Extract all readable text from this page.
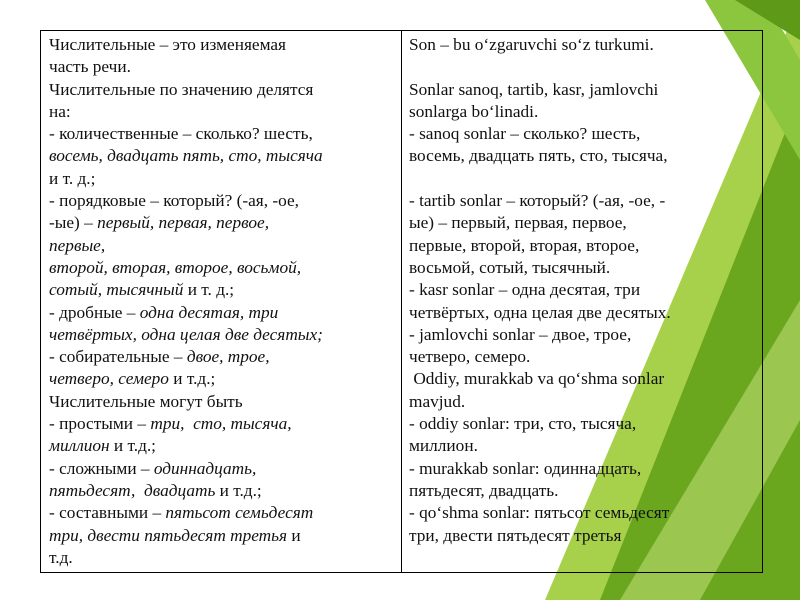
Числительные – это изменяемая
часть речи.
Числительные по значению делятся
на:
- количественные – сколько? шесть,
восемь, двадцать пять, сто, тысяча
и т. д.;
- порядковые – который? (-ая, -ое,
-ые) – первый, первая, первое,
первые,
второй, вторая, второе, восьмой,
сотый, тысячный и т. д.;
- дробные – одна десятая, три
четвёртых, одна целая две десятых;
- собирательные – двое, трое,
четверо, семеро и т.д.;
Числительные могут быть
- простыми – три,  сто, тысяча,
миллион и т.д.;
- сложными – одиннадцать,
пятьдесят,  двадцать и т.д.;
- составными – пятьсот семьдесят
три, двести пятьдесят третья и
т.д.
Son – bu o‘zgaruvchi so‘z turkumi.
Sonlar sanoq, tartib, kasr, jamlovchi
sonlarga bo‘linadi.
- sanoq sonlar – сколько? шесть,
восемь, двадцать пять, сто, тысяча,
- tartib sonlar – который? (-ая, -ое, -
ые) – первый, первая, первое,
первые, второй, вторая, второе,
восьмой, сотый, тысячный.
- kasr sonlar – одна десятая, три
четвёртых, одна целая две десятых.
- jamlovchi sonlar – двое, трое,
четверо, семеро.
Oddiy, murakkab va qo‘shma sonlar
mavjud.
- oddiy sonlar: три, сто, тысяча,
миллион.
- murakkab sonlar: одиннадцать,
пятьдесят, двадцать.
- qo‘shma sonlar: пятьсот семьдесят
три, двести пятьдесят третья
